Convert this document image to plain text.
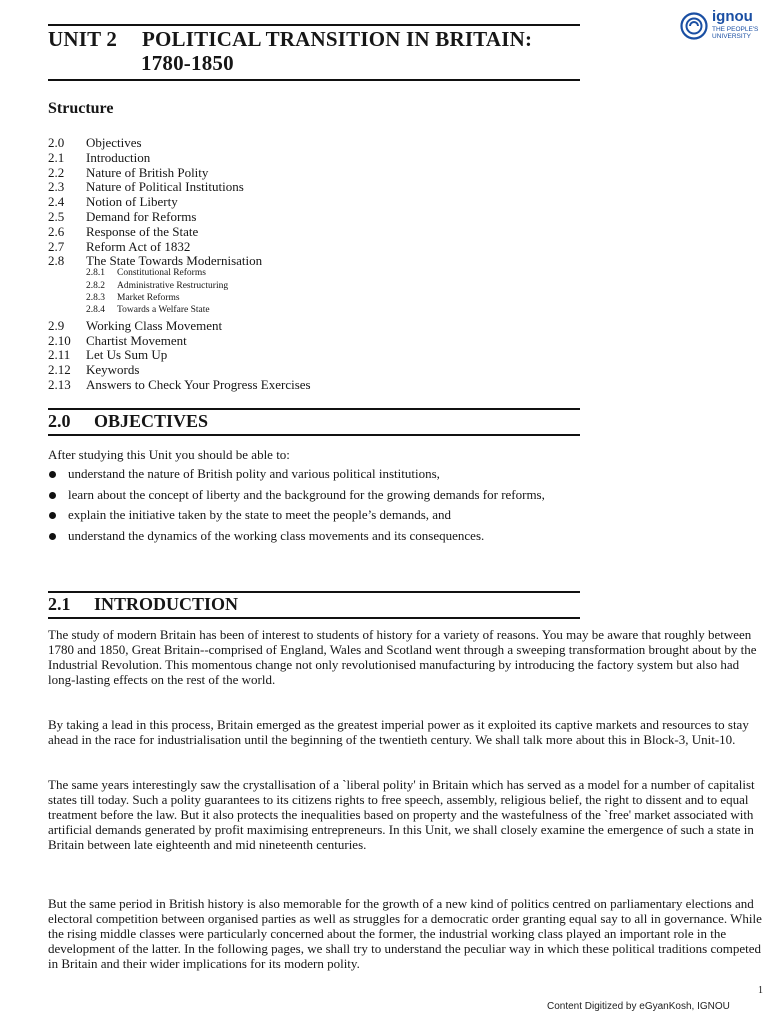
UNIT 2 POLITICAL TRANSITION IN BRITAIN:
1780-1850
ignou
THE PEOPLE'S UNIVERSITY
Structure
2.0 Objectives
2.1 Introduction
2.2 Nature of British Polity
2.3 Nature of Political Institutions
2.4 Notion of Liberty
2.5 Demand for Reforms
2.6 Response of the State
2.7 Reform Act of 1832
2.8 The State Towards Modernisation
2.8.1 Constitutional Reforms
2.8.2 Administrative Restructuring
2.8.3 Market Reforms
2.8.4 Towards a Welfare State
2.9 Working Class Movement
2.10 Chartist Movement
2.11 Let Us Sum Up
2.12 Keywords
2.13 Answers to Check Your Progress Exercises
2.0 OBJECTIVES
After studying this Unit you should be able to:
understand the nature of British polity and various political institutions,
learn about the concept of liberty and the background for the growing demands for reforms,
explain the initiative taken by the state to meet the people’s demands, and
understand the dynamics of the working class movements and its consequences.
2.1 INTRODUCTION
The study of modern Britain has been of interest to students of history for a variety of reasons. You may be aware that roughly between 1780 and 1850, Great Britain--comprised of England, Wales and Scotland went through a sweeping transformation brought about by the Industrial Revolution. This momentous change not only revolutionised manufacturing by introducing the factory system but also had long-lasting effects on the rest of the world.
By taking a lead in this process, Britain emerged as the greatest imperial power as it exploited its captive markets and resources to stay ahead in the race for industrialisation until the beginning of the twentieth century. We shall talk more about this in Block-3, Unit-10.
The same years interestingly saw the crystallisation of a `liberal polity' in Britain which has served as a model for a number of capitalist states till today. Such a polity guarantees to its citizens rights to free speech, assembly, religious belief, the right to dissent and to equal treatment before the law. But it also protects the inequalities based on property and the wastefulness of the `free' market associated with artificial demands generated by profit maximising entrepreneurs. In this Unit, we shall closely examine the emergence of such a state in Britain between late eighteenth and mid nineteenth centuries.
But the same period in British history is also memorable for the growth of a new kind of politics centred on parliamentary elections and electoral competition between organised parties as well as struggles for a democratic order granting equal say to all in governance. While the rising middle classes were particularly concerned about the former, the industrial working class played an important role in the development of the latter. In the following pages, we shall try to understand the peculiar way in which these political traditions competed in Britain and their wider implications for its modern polity.
1
Content Digitized by eGyanKosh, IGNOU
